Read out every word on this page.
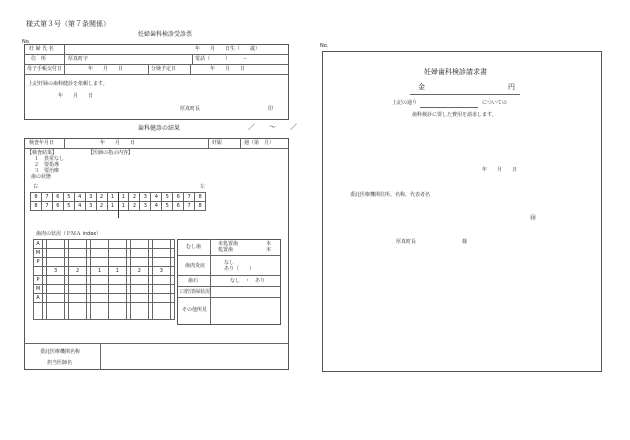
様式第３号（第７条関係）
妊婦歯科検診受診票
No.
妊 婦 氏 名	年　　月　　日生（　　歳）
住　所	厚真町字	電話（　　　）　　　－
母子手帳交付日	年　　月　　日	分娩予定日	年　　月　　日
上記妊婦の歯科健診を依頼します。
年　　月　　日
厚真町長	印
歯科健診の結果	／　　～　　／
検査年月日	年　　月　　日	妊娠	週（第　月）
【検査結果】	【医師の指示内容】
１　異常なし
２　要指導
３　要治療
歯の状態
右	左
8	7	6	5	4	3	2	1	1	2	3	4	5	6	7	8
8	7	6	5	4	3	2	1	1	2	3	4	5	6	7	8
歯肉の状況（ＰＭＡ index）
A												
M												
P												
		3		2		1	1		2		3	
P												
M												
A												

むし歯	未処置歯	本
処置歯	本
歯肉炎症	なし
あり（　　）
歯石	なし　・　あり
口腔清掃状況
その他所見
委託医療機関名称
担当医師名
No.
妊婦歯科検診請求書
金	円
上記の通り	についての
歯科検診に要した費用を請求します。
年　　月　　日
委託医療機関住所、名称、代表者名
㊞
厚真町長	様
